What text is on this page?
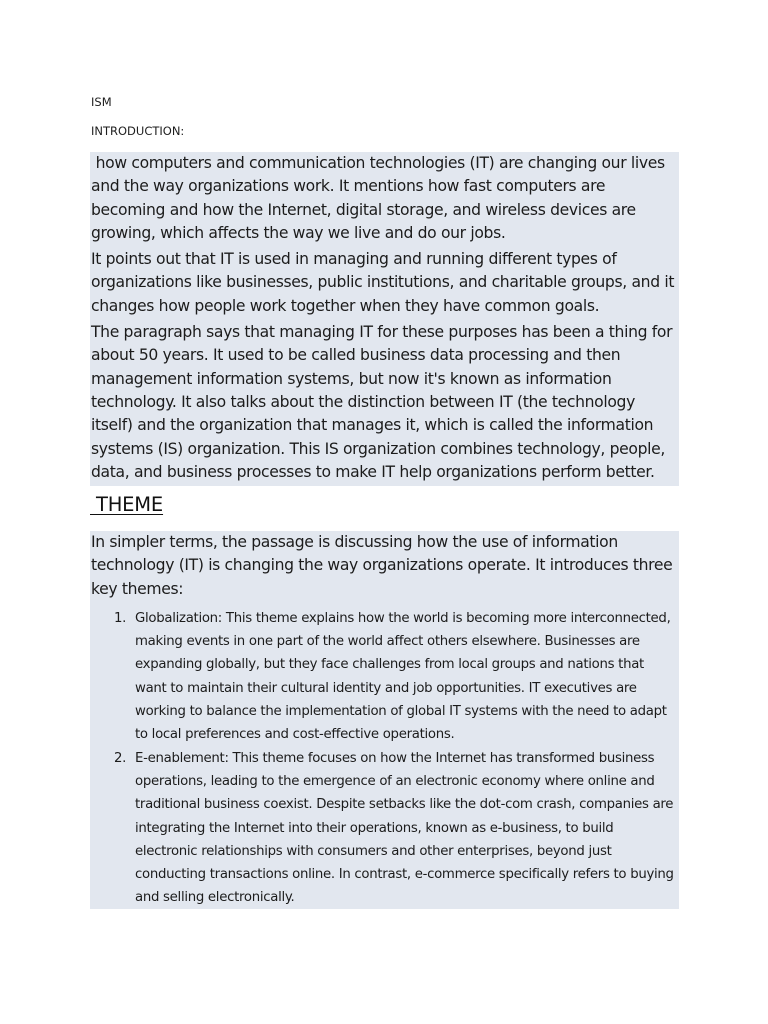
ISM
INTRODUCTION:

how computers and communication technologies (IT) are changing our lives and the way organizations work. It mentions how fast computers are becoming and how the Internet, digital storage, and wireless devices are growing, which affects the way we live and do our jobs.

It points out that IT is used in managing and running different types of organizations like businesses, public institutions, and charitable groups, and it changes how people work together when they have common goals.

The paragraph says that managing IT for these purposes has been a thing for about 50 years. It used to be called business data processing and then management information systems, but now it's known as information technology. It also talks about the distinction between IT (the technology itself) and the organization that manages it, which is called the information systems (IS) organization. This IS organization combines technology, people, data, and business processes to make IT help organizations perform better.

THEME

In simpler terms, the passage is discussing how the use of information technology (IT) is changing the way organizations operate. It introduces three key themes:

1. Globalization: This theme explains how the world is becoming more interconnected, making events in one part of the world affect others elsewhere. Businesses are expanding globally, but they face challenges from local groups and nations that want to maintain their cultural identity and job opportunities. IT executives are working to balance the implementation of global IT systems with the need to adapt to local preferences and cost-effective operations.
2. E-enablement: This theme focuses on how the Internet has transformed business operations, leading to the emergence of an electronic economy where online and traditional business coexist. Despite setbacks like the dot-com crash, companies are integrating the Internet into their operations, known as e-business, to build electronic relationships with consumers and other enterprises, beyond just conducting transactions online. In contrast, e-commerce specifically refers to buying and selling electronically.
